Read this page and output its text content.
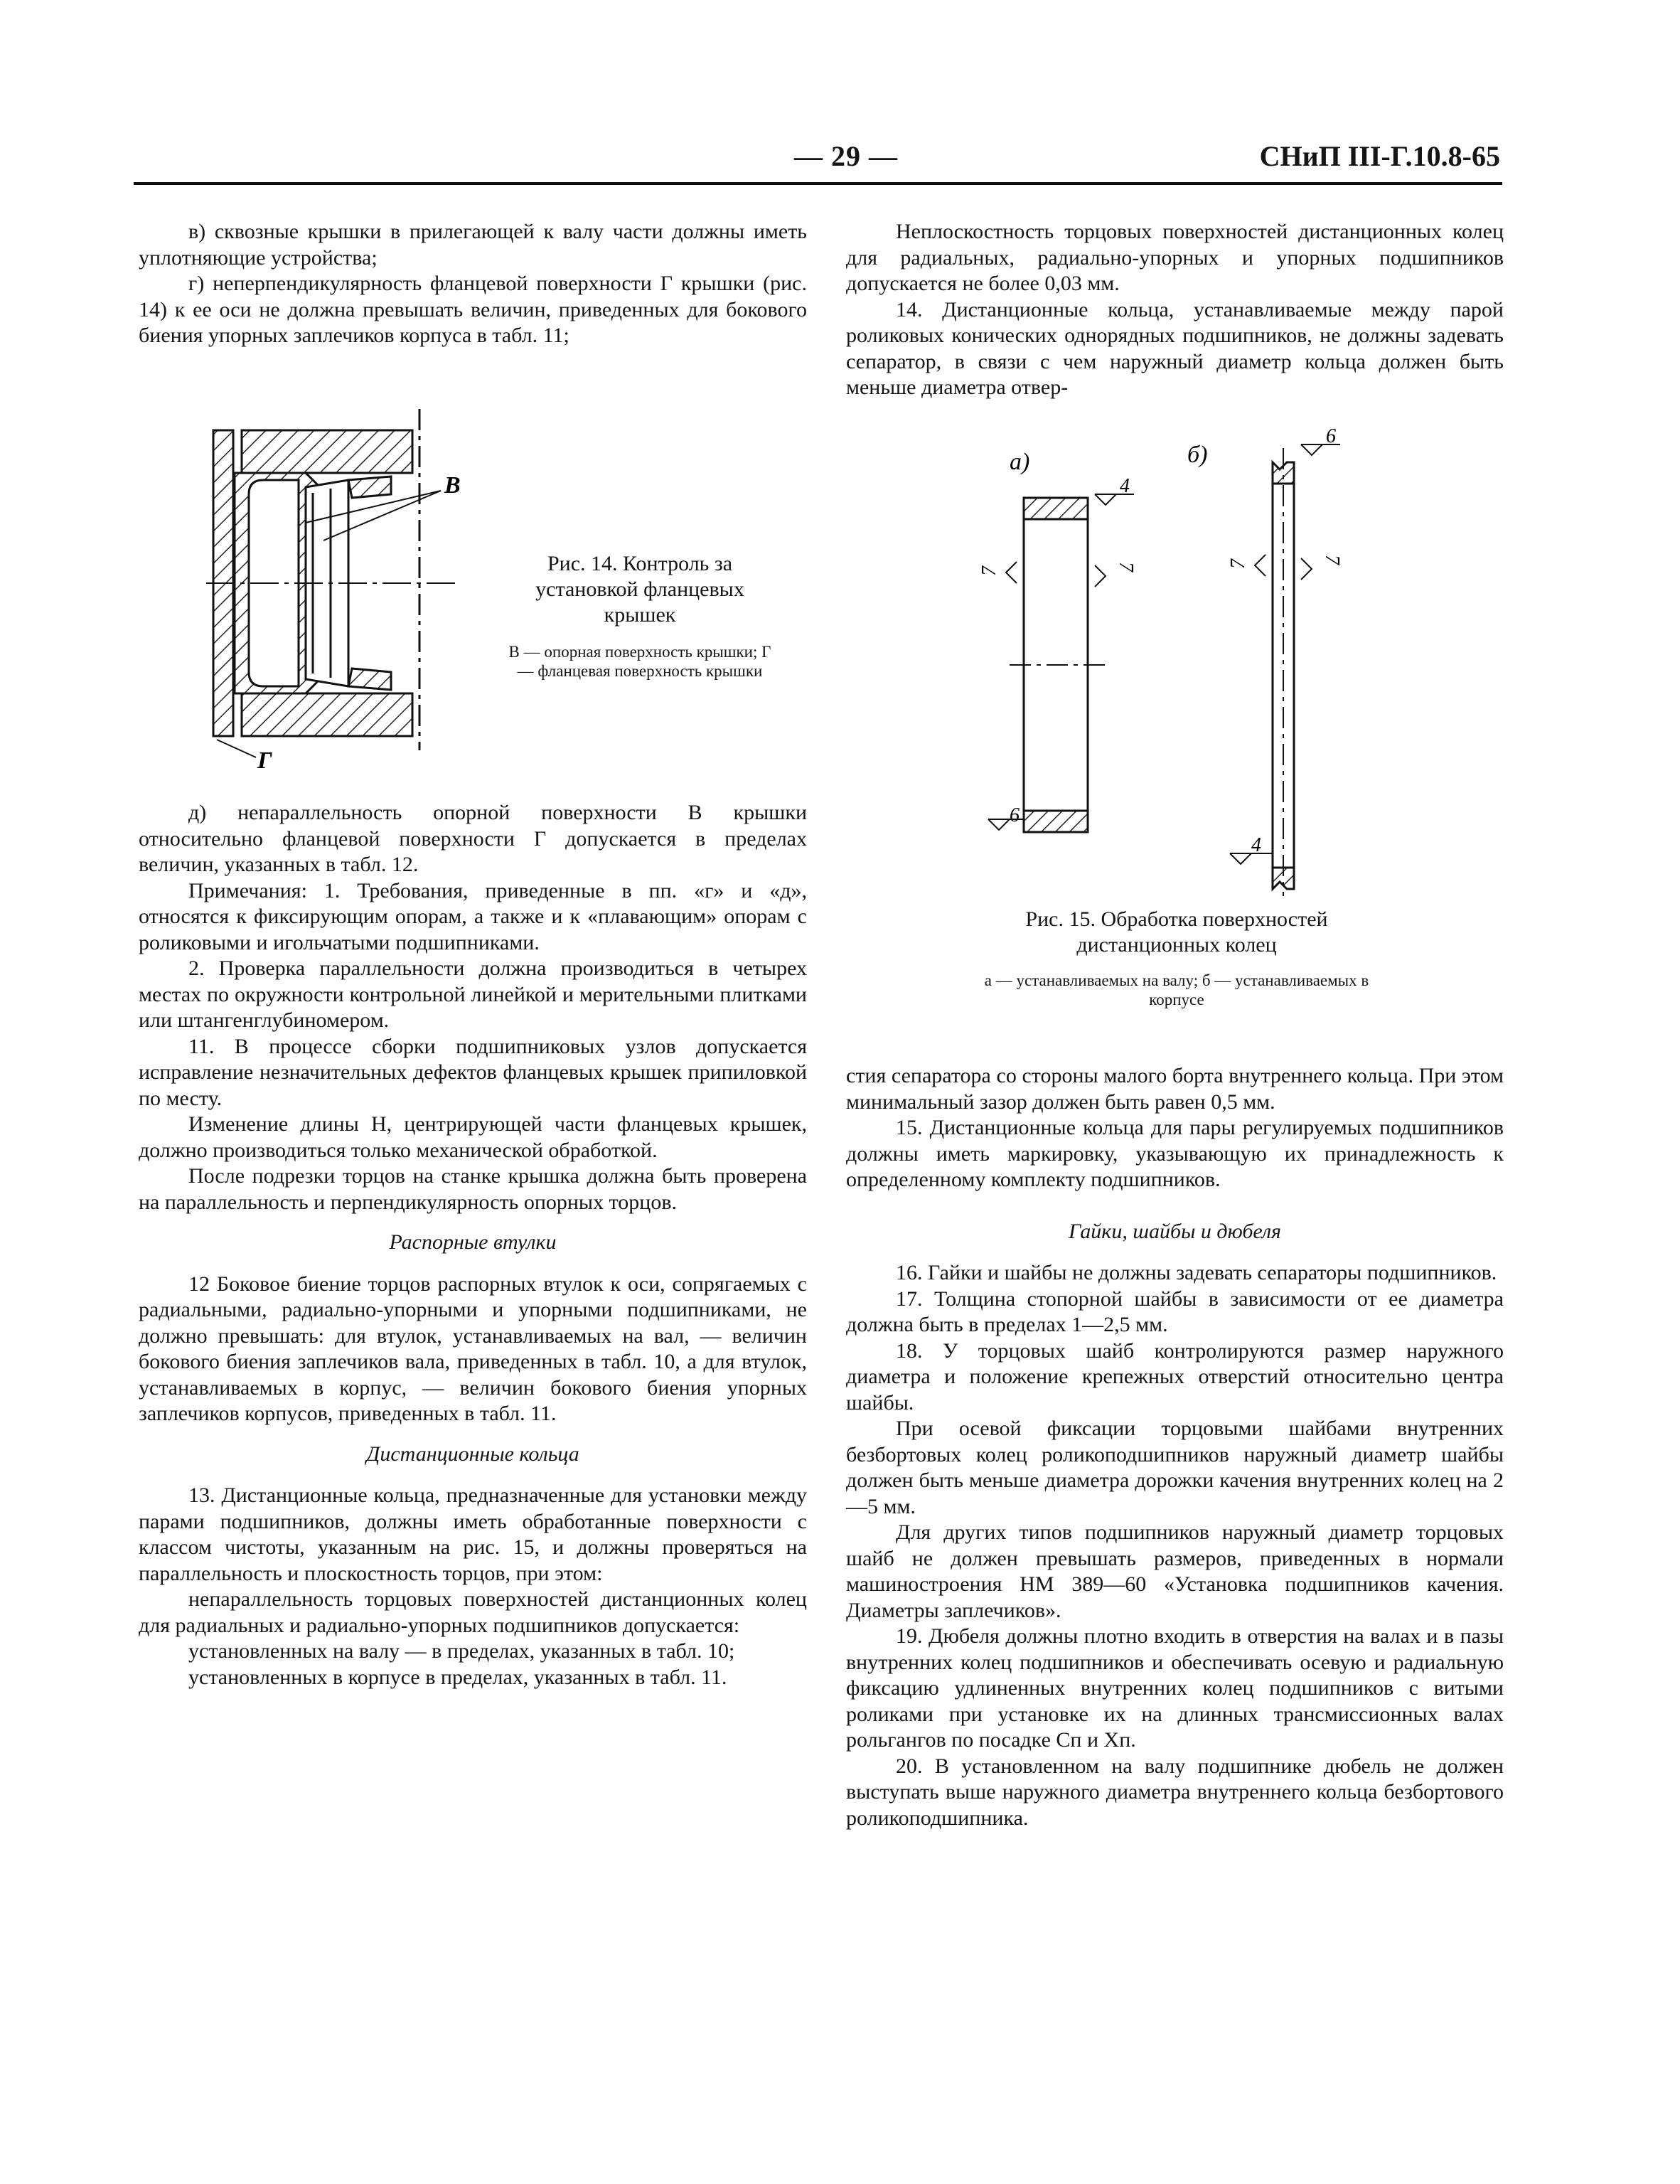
— 29 —	СНиП III-Г.10.8-65

в) сквозные крышки в прилегающей к валу части должны иметь уплотняющие устройства;

г) неперпендикулярность фланцевой поверхности Г крышки (рис. 14) к ее оси не должна превышать величин, приведенных для бокового биения упорных заплечиков корпуса в табл. 11;

В
Г
Рис. 14. Контроль за установкой фланцевых крышек
В — опорная поверхность крышки; Г — фланцевая поверхность крышки

д) непараллельность опорной поверхности В крышки относительно фланцевой поверхности Г допускается в пределах величин, указанных в табл. 12.

Примечания: 1. Требования, приведенные в пп. «г» и «д», относятся к фиксирующим опорам, а также и к «плавающим» опорам с роликовыми и игольчатыми подшипниками.

2. Проверка параллельности должна производиться в четырех местах по окружности контрольной линейкой и мерительными плитками или штангенглубиномером.

11. В процессе сборки подшипниковых узлов допускается исправление незначительных дефектов фланцевых крышек припиловкой по месту.

Изменение длины Н, центрирующей части фланцевых крышек, должно производиться только механической обработкой.

После подрезки торцов на станке крышка должна быть проверена на параллельность и перпендикулярность опорных торцов.

Распорные втулки

12 Боковое биение торцов распорных втулок к оси, сопрягаемых с радиальными, радиально-упорными и упорными подшипниками, не должно превышать: для втулок, устанавливаемых на вал, — величин бокового биения заплечиков вала, приведенных в табл. 10, а для втулок, устанавливаемых в корпус, — величин бокового биения упорных заплечиков корпусов, приведенных в табл. 11.

Дистанционные кольца

13. Дистанционные кольца, предназначенные для установки между парами подшипников, должны иметь обработанные поверхности с классом чистоты, указанным на рис. 15, и должны проверяться на параллельность и плоскостность торцов, при этом:

непараллельность торцовых поверхностей дистанционных колец для радиальных и радиально-упорных подшипников допускается:

установленных на валу — в пределах, указанных в табл. 10;

установленных в корпусе в пределах, указанных в табл. 11.

Неплоскостность торцовых поверхностей дистанционных колец для радиальных, радиально-упорных и упорных подшипников допускается не более 0,03 мм.

14. Дистанционные кольца, устанавливаемые между парой роликовых конических однорядных подшипников, не должны задевать сепаратор, в связи с чем наружный диаметр кольца должен быть меньше диаметра отвер-

а)
4
7	7
6
б)
6
7	7
4
Рис. 15. Обработка поверхностей дистанционных колец
а — устанавливаемых на валу; б — устанавливаемых в корпусе

стия сепаратора со стороны малого борта внутреннего кольца. При этом минимальный зазор должен быть равен 0,5 мм.

15. Дистанционные кольца для пары регулируемых подшипников должны иметь маркировку, указывающую их принадлежность к определенному комплекту подшипников.

Гайки, шайбы и дюбеля

16. Гайки и шайбы не должны задевать сепараторы подшипников.

17. Толщина стопорной шайбы в зависимости от ее диаметра должна быть в пределах 1—2,5 мм.

18. У торцовых шайб контролируются размер наружного диаметра и положение крепежных отверстий относительно центра шайбы.

При осевой фиксации торцовыми шайбами внутренних безбортовых колец роликоподшипников наружный диаметр шайбы должен быть меньше диаметра дорожки качения внутренних колец на 2—5 мм.

Для других типов подшипников наружный диаметр торцовых шайб не должен превышать размеров, приведенных в нормали машиностроения НМ 389—60 «Установка подшипников качения. Диаметры заплечиков».

19. Дюбеля должны плотно входить в отверстия на валах и в пазы внутренних колец подшипников и обеспечивать осевую и радиальную фиксацию удлиненных внутренних колец подшипников с витыми роликами при установке их на длинных трансмиссионных валах рольгангов по посадке Сп и Хп.

20. В установленном на валу подшипнике дюбель не должен выступать выше наружного диаметра внутреннего кольца безбортового роликоподшипника.
